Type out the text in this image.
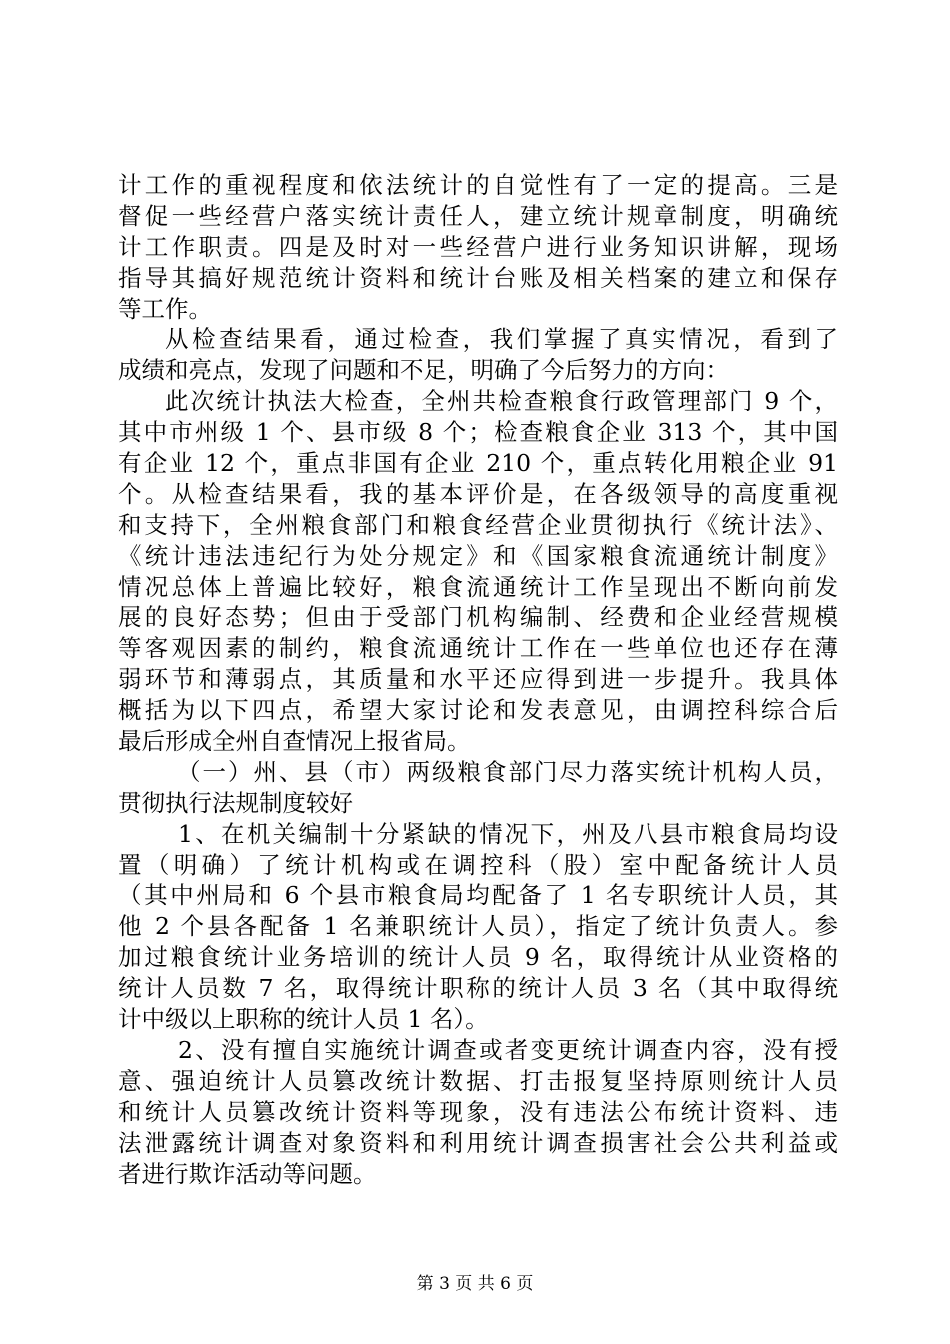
计工作的重视程度和依法统计的自觉性有了一定的提高。三是
督促一些经营户落实统计责任人，建立统计规章制度，明确统
计工作职责。四是及时对一些经营户进行业务知识讲解，现场
指导其搞好规范统计资料和统计台账及相关档案的建立和保存
等工作。
从检查结果看，通过检查，我们掌握了真实情况，看到了
成绩和亮点，发现了问题和不足，明确了今后努力的方向：
此次统计执法大检查，全州共检查粮食行政管理部门 9 个，
其中市州级 1 个、县市级 8 个；检查粮食企业 313 个，其中国
有企业 12 个，重点非国有企业 210 个，重点转化用粮企业 91
个。从检查结果看，我的基本评价是，在各级领导的高度重视
和支持下，全州粮食部门和粮食经营企业贯彻执行《统计法》、
《统计违法违纪行为处分规定》和《国家粮食流通统计制度》
情况总体上普遍比较好，粮食流通统计工作呈现出不断向前发
展的良好态势；但由于受部门机构编制、经费和企业经营规模
等客观因素的制约，粮食流通统计工作在一些单位也还存在薄
弱环节和薄弱点，其质量和水平还应得到进一步提升。我具体
概括为以下四点，希望大家讨论和发表意见，由调控科综合后
最后形成全州自查情况上报省局。
（一）州、县（市）两级粮食部门尽力落实统计机构人员，
贯彻执行法规制度较好
1、在机关编制十分紧缺的情况下，州及八县市粮食局均设
置（明确）了统计机构或在调控科（股）室中配备统计人员
（其中州局和 6 个县市粮食局均配备了 1 名专职统计人员，其
他 2 个县各配备 1 名兼职统计人员），指定了统计负责人。参
加过粮食统计业务培训的统计人员 9 名，取得统计从业资格的
统计人员数 7 名，取得统计职称的统计人员 3 名（其中取得统
计中级以上职称的统计人员 1 名）。
2、没有擅自实施统计调查或者变更统计调查内容，没有授
意、强迫统计人员篡改统计数据、打击报复坚持原则统计人员
和统计人员篡改统计资料等现象，没有违法公布统计资料、违
法泄露统计调查对象资料和利用统计调查损害社会公共利益或
者进行欺诈活动等问题。
第 3 页 共 6 页
